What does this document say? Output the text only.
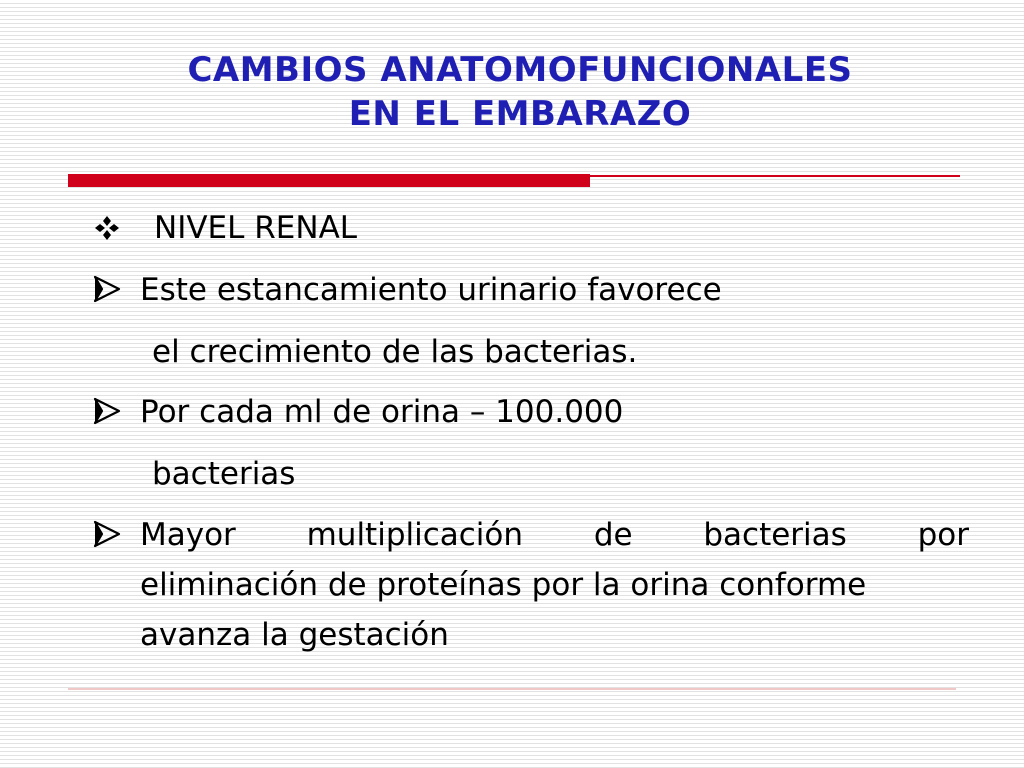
CAMBIOS ANATOMOFUNCIONALES
EN EL EMBARAZO
NIVEL RENAL
Este estancamiento urinario favorece
el crecimiento de las bacterias.
Por cada ml de orina – 100.000
bacterias
Mayor multiplicación de bacterias por
eliminación de proteínas por la orina conforme
avanza la gestación
